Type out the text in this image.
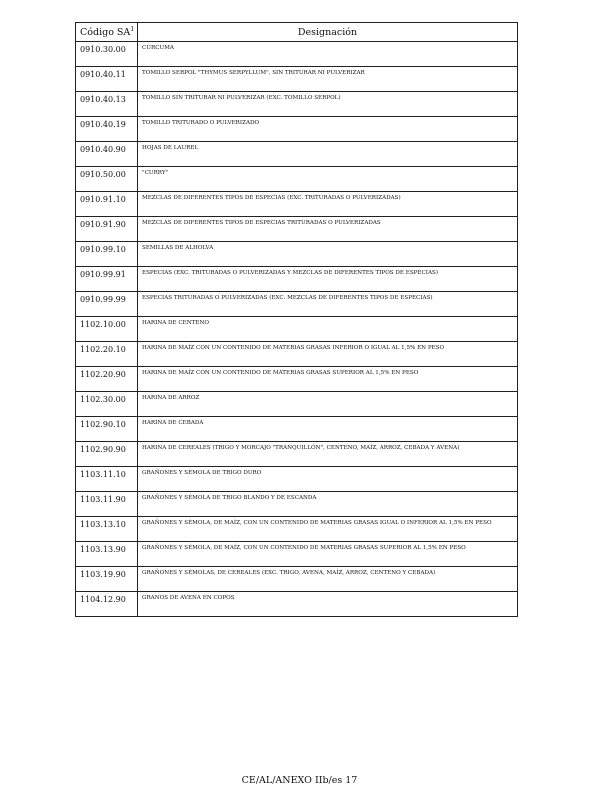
Código $SA^1$	Designación
0910.30.00	CÚRCUMA
0910.40.11	TOMILLO SERPOL "THYMUS SERPYLLUM", SIN TRITURAR NI PULVERIZAR
0910.40.13	TOMILLO SIN TRITURAR NI PULVERIZAR (EXC. TOMILLO SERPOL)
0910.40.19	TOMILLO TRITURADO O PULVERIZADO
0910.40.90	HOJAS DE LAUREL
0910.50.00	"CURRY"
0910.91.10	MEZCLAS DE DIFERENTES TIPOS DE ESPECIAS (EXC. TRITURADAS O PULVERIZADAS)
0910.91.90	MEZCLAS DE DIFERENTES TIPOS DE ESPECIAS TRITURADAS O PULVERIZADAS
0910.99.10	SEMILLAS DE ALHOLVA
0910.99.91	ESPECIAS (EXC. TRITURADAS O PULVERIZADAS Y MEZCLAS DE DIFERENTES TIPOS DE ESPECIAS)
0910.99.99	ESPECIAS TRITURADAS O PULVERIZADAS (EXC. MEZCLAS DE DIFERENTES TIPOS DE ESPECIAS)
1102.10.00	HARINA DE CENTENO
1102.20.10	HARINA DE MAÍZ CON UN CONTENIDO DE MATERIAS GRASAS INFERIOR O IGUAL AL 1,5% EN PESO
1102.20.90	HARINA DE MAÍZ CON UN CONTENIDO DE MATERIAS GRASAS SUPERIOR AL 1,5% EN PESO
1102.30.00	HARINA DE ARROZ
1102.90.10	HARINA DE CEBADA
1102.90.90	HARINA DE CEREALES (TRIGO Y MORCAJO "TRANQUILLÓN", CENTENO, MAÍZ, ARROZ, CEBADA Y AVENA)
1103.11.10	GRAÑONES Y SÉMOLA DE TRIGO DURO
1103.11.90	GRAÑONES Y SÉMOLA DE TRIGO BLANDO Y DE ESCANDA
1103.13.10	GRAÑONES Y SÉMOLA, DE MAÍZ, CON UN CONTENIDO DE MATERIAS GRASAS IGUAL O INFERIOR AL 1,5% EN PESO
1103.13.90	GRAÑONES Y SÉMOLA, DE MAÍZ, CON UN CONTENIDO DE MATERIAS GRASAS SUPERIOR AL 1,5% EN PESO
1103.19.90	GRAÑONES Y SÉMOLAS, DE CEREALES (EXC. TRIGO, AVENA, MAÍZ, ARROZ, CENTENO Y CEBADA)
1104.12.90	GRANOS DE AVENA EN COPOS
CE/AL/ANEXO IIb/es 17
